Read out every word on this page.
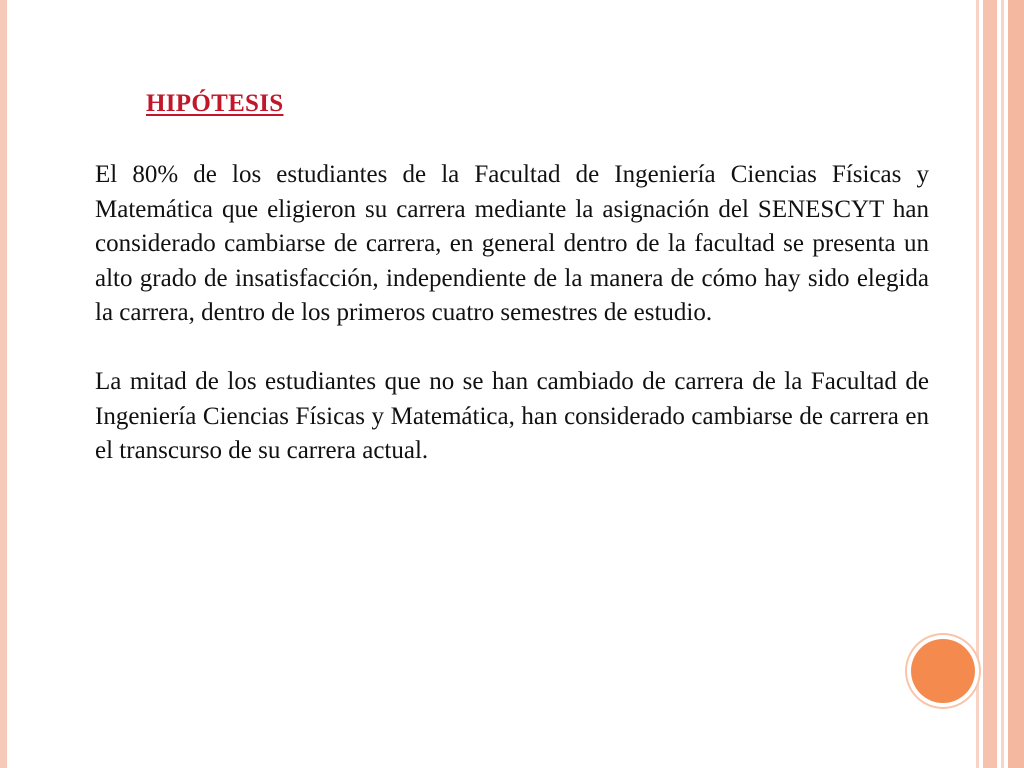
HIPÓTESIS

El 80% de los estudiantes de la Facultad de Ingeniería Ciencias Físicas y Matemática que eligieron su carrera mediante la asignación del SENESCYT han considerado cambiarse de carrera, en general dentro de la facultad se presenta un alto grado de insatisfacción, independiente de la manera de cómo hay sido elegida la carrera, dentro de los primeros cuatro semestres de estudio.

La mitad de los estudiantes que no se han cambiado de carrera de la Facultad de Ingeniería Ciencias Físicas y Matemática, han considerado cambiarse de carrera en el transcurso de su carrera actual.
